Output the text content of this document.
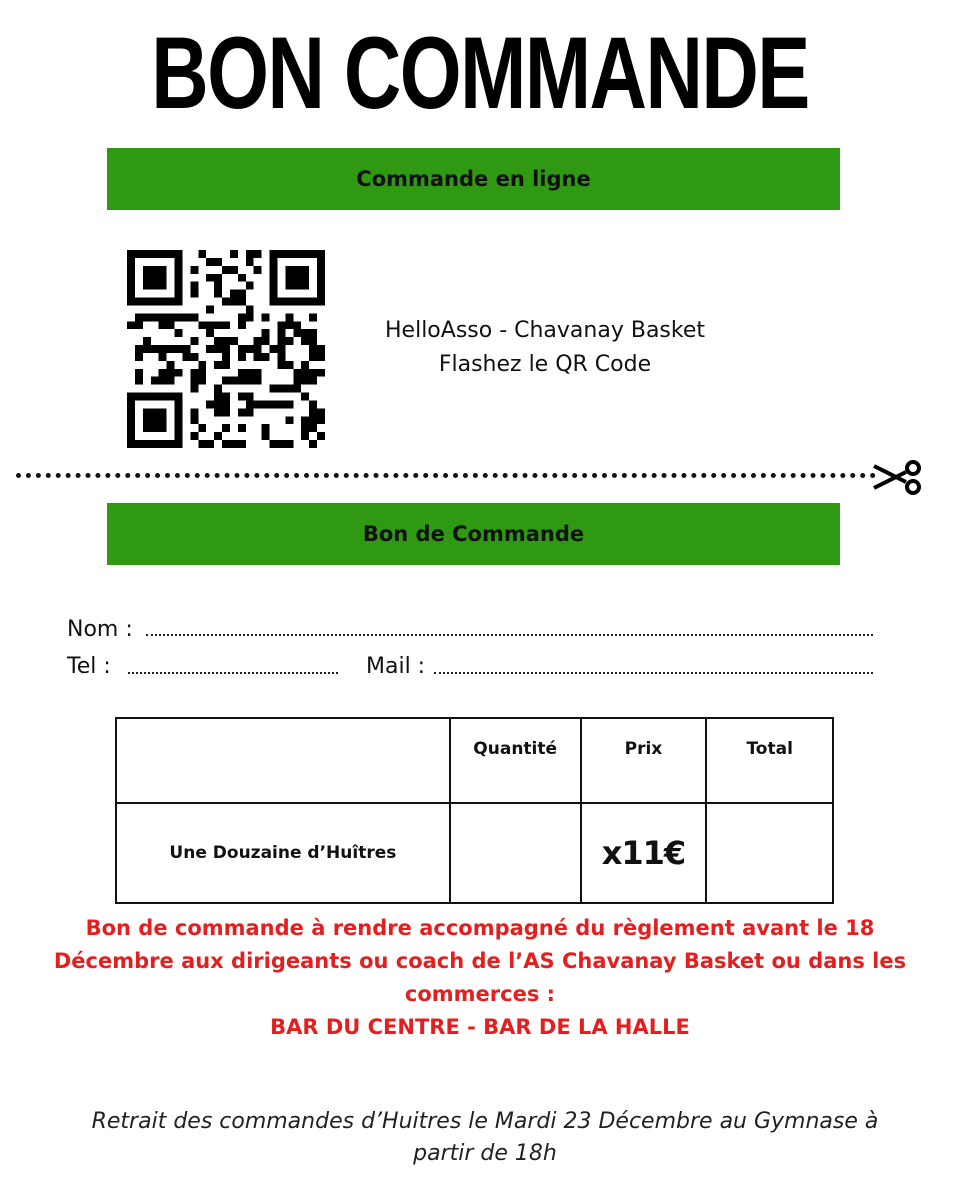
BON COMMANDE
Commande en ligne
HelloAsso - Chavanay Basket
Flashez le QR Code
Bon de Commande
Nom :
Tel :	Mail :
	Quantité	Prix	Total
Une Douzaine d’Huîtres		x11€	
Bon de commande à rendre accompagné du règlement avant le 18
Décembre aux dirigeants ou coach de l’AS Chavanay Basket ou dans les
commerces :
BAR DU CENTRE - BAR DE LA HALLE
Retrait des commandes d’Huitres le Mardi 23 Décembre au Gymnase à
partir de 18h
